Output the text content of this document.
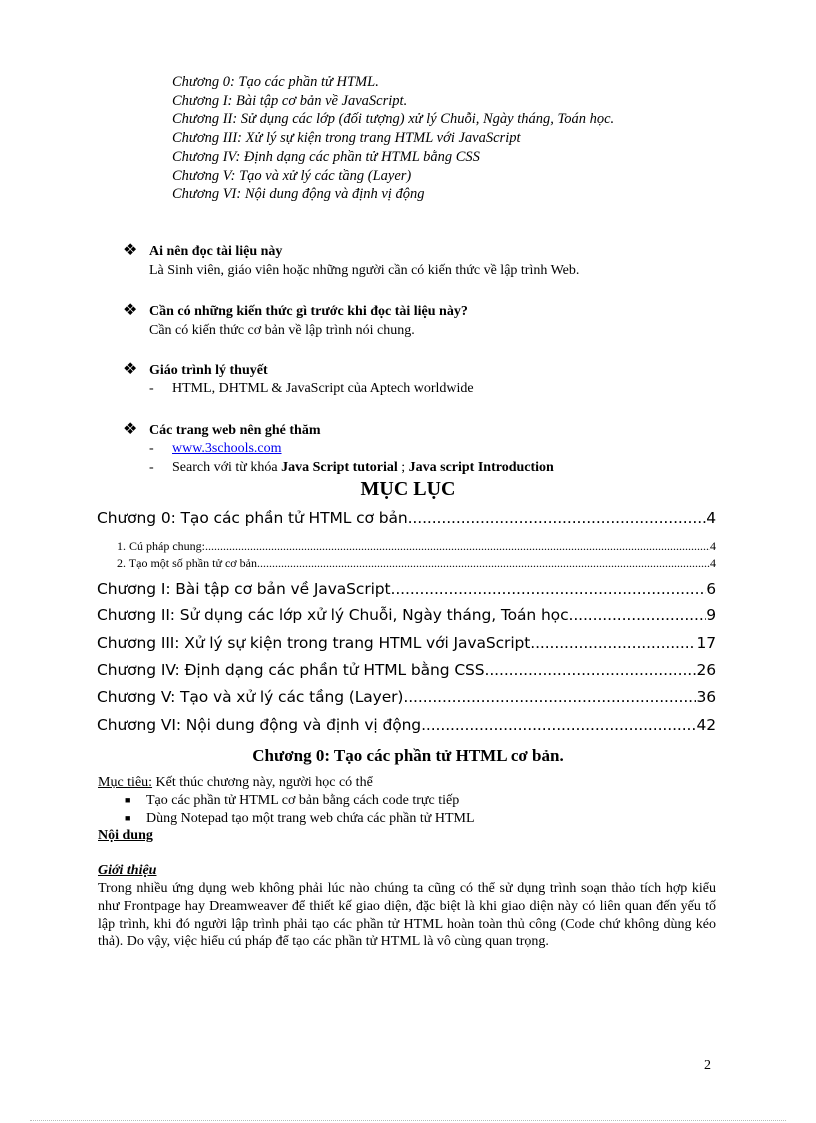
Chương 0: Tạo các phần tử HTML.
Chương I: Bài tập cơ bản về JavaScript.
Chương II: Sử dụng các lớp (đối tượng) xử lý Chuỗi, Ngày tháng, Toán học.
Chương III: Xử lý sự kiện trong trang HTML với JavaScript
Chương IV: Định dạng các phần tử HTML bằng CSS
Chương V: Tạo và xử lý các tầng (Layer)
Chương VI: Nội dung động và định vị động
❖ Ai nên đọc tài liệu này
Là Sinh viên, giáo viên hoặc những người cần có kiến thức về lập trình Web.
❖ Cần có những kiến thức gì trước khi đọc tài liệu này?
Cần có kiến thức cơ bản về lập trình nói chung.
❖ Giáo trình lý thuyết
- HTML, DHTML & JavaScript của Aptech worldwide
❖ Các trang web nên ghé thăm
- www.3schools.com
- Search với từ khóa Java Script tutorial ; Java script Introduction
MỤC LỤC
Chương 0: Tạo các phần tử HTML cơ bản .....	4
1. Cú pháp chung: .....	4
2. Tạo một số phần tử cơ bản .....	4
Chương I: Bài tập cơ bản về JavaScript .....	6
Chương II: Sử dụng các lớp xử lý Chuỗi, Ngày tháng, Toán học. .....	9
Chương III: Xử lý sự kiện trong trang HTML với JavaScript .....	17
Chương IV: Định dạng các phần tử HTML bằng CSS .....	26
Chương V: Tạo và xử lý các tầng (Layer) .....	36
Chương VI: Nội dung động và định vị động .....	42
Chương 0: Tạo các phần tử HTML cơ bản.
Mục tiêu: Kết thúc chương này, người học có thể
■ Tạo các phần tử HTML cơ bản bằng cách code trực tiếp
■ Dùng Notepad tạo một trang web chứa các phần tử HTML
Nội dung
Giới thiệu
Trong nhiều ứng dụng web không phải lúc nào chúng ta cũng có thể sử dụng trình soạn thảo tích hợp kiểu như Frontpage hay Dreamweaver để thiết kế giao diện, đặc biệt là khi giao diện này có liên quan đến yếu tố lập trình, khi đó người lập trình phải tạo các phần tử HTML hoàn toàn thủ công (Code chứ không dùng kéo thả). Do vậy, việc hiểu cú pháp để tạo các phần tử HTML là vô cùng quan trọng.
2
